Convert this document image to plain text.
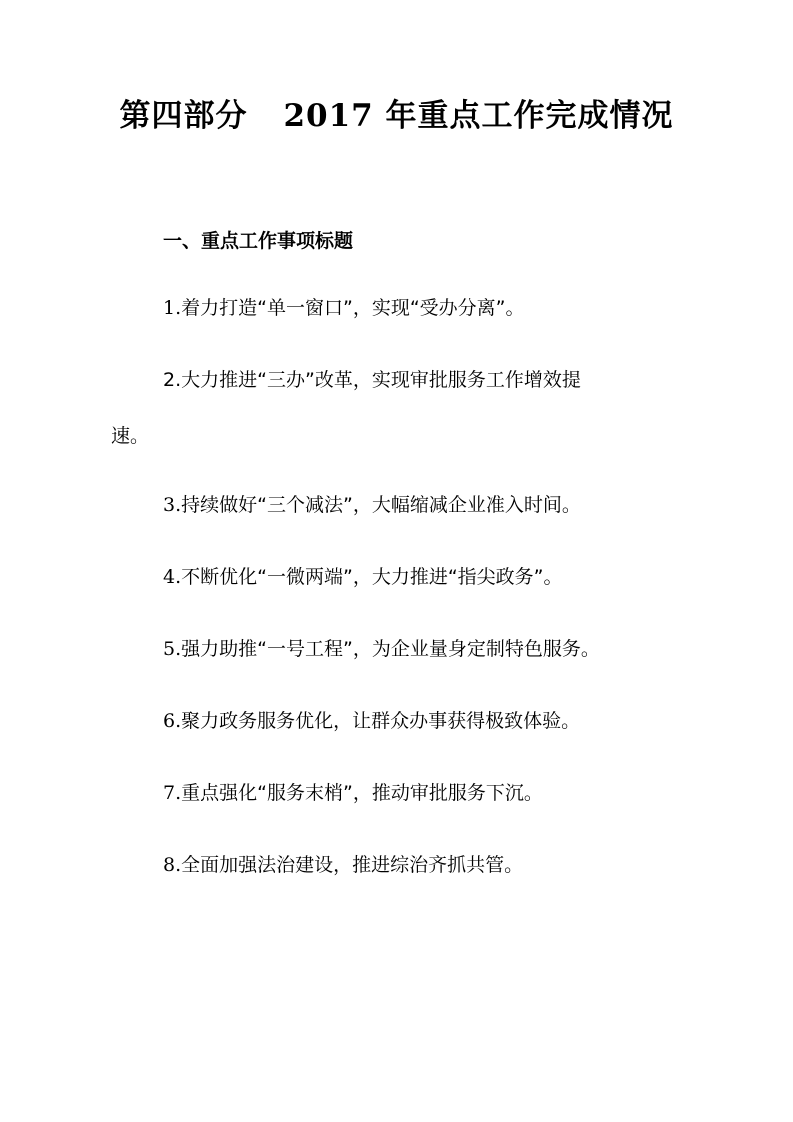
第四部分 2017 年重点工作完成情况
一、重点工作事项标题
1.着力打造“单一窗口”，实现“受办分离”。
2.大力推进“三办”改革，实现审批服务工作增效提
速。
3.持续做好“三个减法”，大幅缩减企业准入时间。
4.不断优化“一微两端”，大力推进“指尖政务”。
5.强力助推“一号工程”，为企业量身定制特色服务。
6.聚力政务服务优化，让群众办事获得极致体验。
7.重点强化“服务末梢”，推动审批服务下沉。
8.全面加强法治建设，推进综治齐抓共管。
